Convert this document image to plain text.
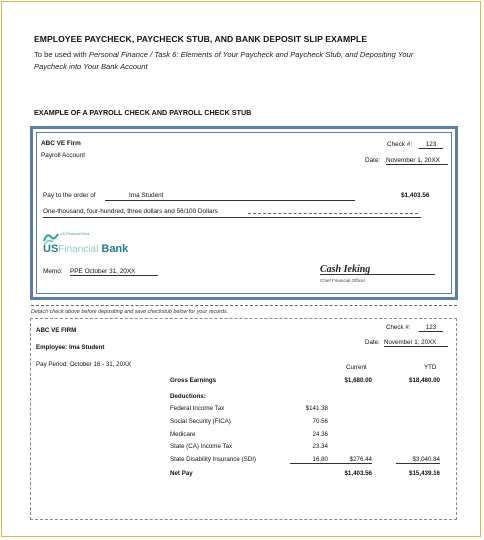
EMPLOYEE PAYCHECK, PAYCHECK STUB, AND BANK DEPOSIT SLIP EXAMPLE
To be used with Personal Finance / Task 6: Elements of Your Paycheck and Paycheck Stub, and Depositing Your
Paycheck into Your Bank Account
EXAMPLE OF A PAYROLL CHECK AND PAYROLL CHECK STUB
ABC VE Firm
Payroll Account
Check #:	123
Date: November 1, 20XX
Pay to the order of	Ima Student	$1,403.56
One-thousand, four-hundred, three dollars and 56/100 Dollars
US Financial Bank
USFinancial Bank
Memo: PPE October 31, 20XX	Cash Ieking
Chief Financial Officer
Detach check above before depositing and save checkstub below for your records.
ABC VE FIRM	Check #:	123
Employee: Ima Student
Date: November 1, 20XX
Pay Period: October 16 - 31, 20XX	Current	YTD
Gross Earnings	$1,680.00	$18,480.00
Deductions:
Federal Income Tax	$141.38
Social Security (FICA)	70.56
Medicare	24.36
State (CA) Income Tax	23.34
State Disability Insurance (SDI)	16.80	$276.44	$3,040.84
Net Pay	$1,403.56	$15,439.16
